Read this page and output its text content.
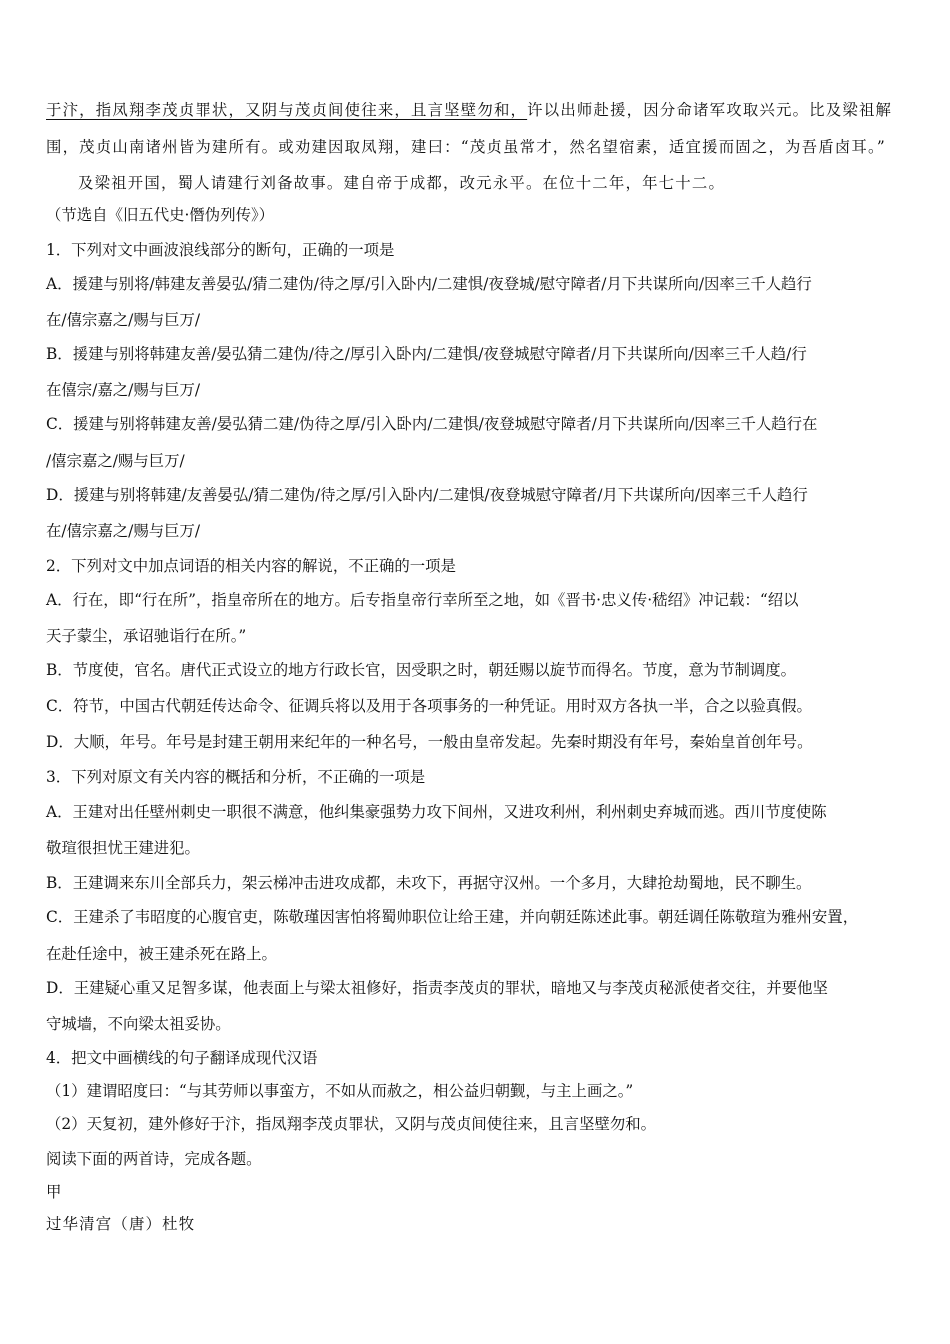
于汴，指凤翔李茂贞罪状，又阴与茂贞间使往来，且言坚壁勿和，许以出师赴援，因分命诸军攻取兴元。比及梁祖解
围，茂贞山南诸州皆为建所有。或劝建因取凤翔，建曰：“茂贞虽常才，然名望宿素，适宜援而固之，为吾盾卤耳。”
及梁祖开国，蜀人请建行刘备故事。建自帝于成都，改元永平。在位十二年，年七十二。
（节选自《旧五代史·僭伪列传》）
1．下列对文中画波浪线部分的断句，正确的一项是
A．援建与别将/韩建友善晏弘/猜二建伪/待之厚/引入卧内/二建惧/夜登城/慰守障者/月下共谋所向/因率三千人趋行
在/僖宗嘉之/赐与巨万/
B．援建与别将韩建友善/晏弘猜二建伪/待之/厚引入卧内/二建惧/夜登城慰守障者/月下共谋所向/因率三千人趋/行
在僖宗/嘉之/赐与巨万/
C．援建与别将韩建友善/晏弘猜二建/伪待之厚/引入卧内/二建惧/夜登城慰守障者/月下共谋所向/因率三千人趋行在
/僖宗嘉之/赐与巨万/
D．援建与别将韩建/友善晏弘/猜二建伪/待之厚/引入卧内/二建惧/夜登城慰守障者/月下共谋所向/因率三千人趋行
在/僖宗嘉之/赐与巨万/
2．下列对文中加点词语的相关内容的解说，不正确的一项是
A．行在，即“行在所”，指皇帝所在的地方。后专指皇帝行幸所至之地，如《晋书·忠义传·嵇绍》冲记载：“绍以
天子蒙尘，承诏驰诣行在所。”
B．节度使，官名。唐代正式设立的地方行政长官，因受职之时，朝廷赐以旋节而得名。节度，意为节制调度。
C．符节，中国古代朝廷传达命令、征调兵将以及用于各项事务的一种凭证。用时双方各执一半，合之以验真假。
D．大顺，年号。年号是封建王朝用来纪年的一种名号，一般由皇帝发起。先秦时期没有年号，秦始皇首创年号。
3．下列对原文有关内容的概括和分析，不正确的一项是
A．王建对出任壁州刺史一职很不满意，他纠集豪强势力攻下间州，又进攻利州，利州刺史弃城而逃。西川节度使陈
敬瑄很担忧王建进犯。
B．王建调来东川全部兵力，架云梯冲击进攻成都，未攻下，再据守汉州。一个多月，大肆抢劫蜀地，民不聊生。
C．王建杀了韦昭度的心腹官吏，陈敬瑾因害怕将蜀帅职位让给王建，并向朝廷陈述此事。朝廷调任陈敬瑄为雅州安置，
在赴任途中，被王建杀死在路上。
D．王建疑心重又足智多谋，他表面上与梁太祖修好，指责李茂贞的罪状，暗地又与李茂贞秘派使者交往，并要他坚
守城墙，不向梁太祖妥协。
4．把文中画横线的句子翻译成现代汉语
（1）建谓昭度曰：“与其劳师以事蛮方，不如从而赦之，相公益归朝觐，与主上画之。”
（2）天复初，建外修好于汴，指凤翔李茂贞罪状，又阴与茂贞间使往来，且言坚壁勿和。
阅读下面的两首诗，完成各题。
甲
过华清宫（唐）杜牧
